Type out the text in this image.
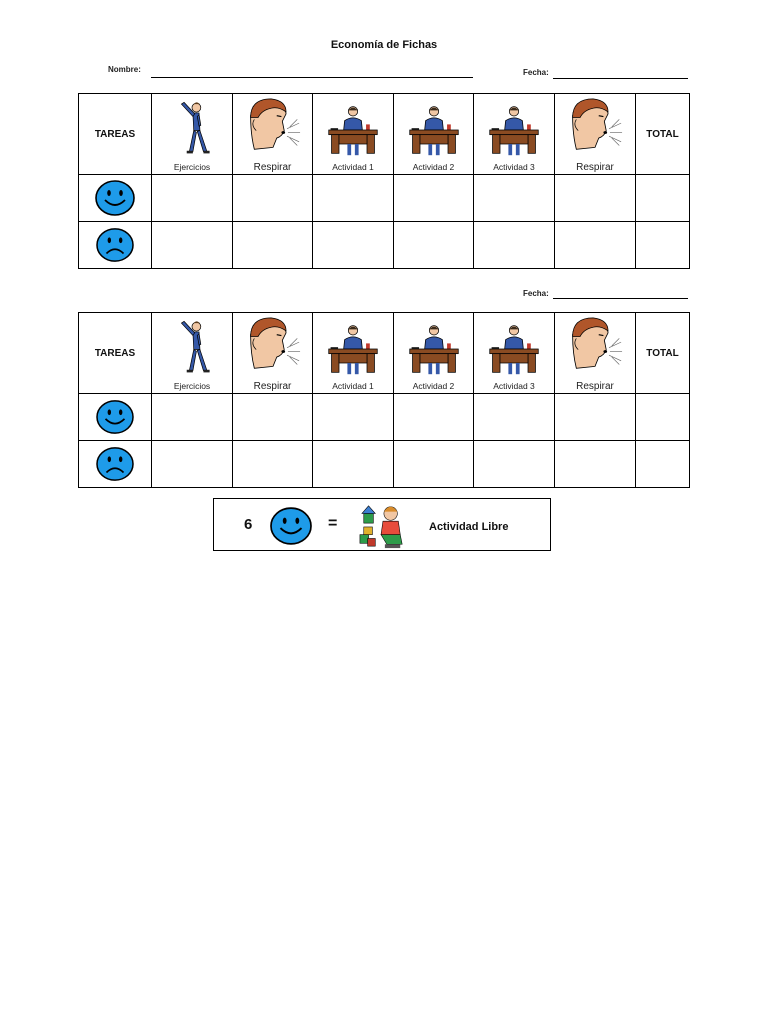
Economía de Fichas
Nombre:	Fecha:
Fecha:
TAREAS	Ejercicios	Respirar	Actividad 1	Actividad 2	Actividad 3	Respirar	TOTAL

TAREAS	Ejercicios	Respirar	Actividad 1	Actividad 2	Actividad 3	Respirar	TOTAL

6	=	Actividad Libre
